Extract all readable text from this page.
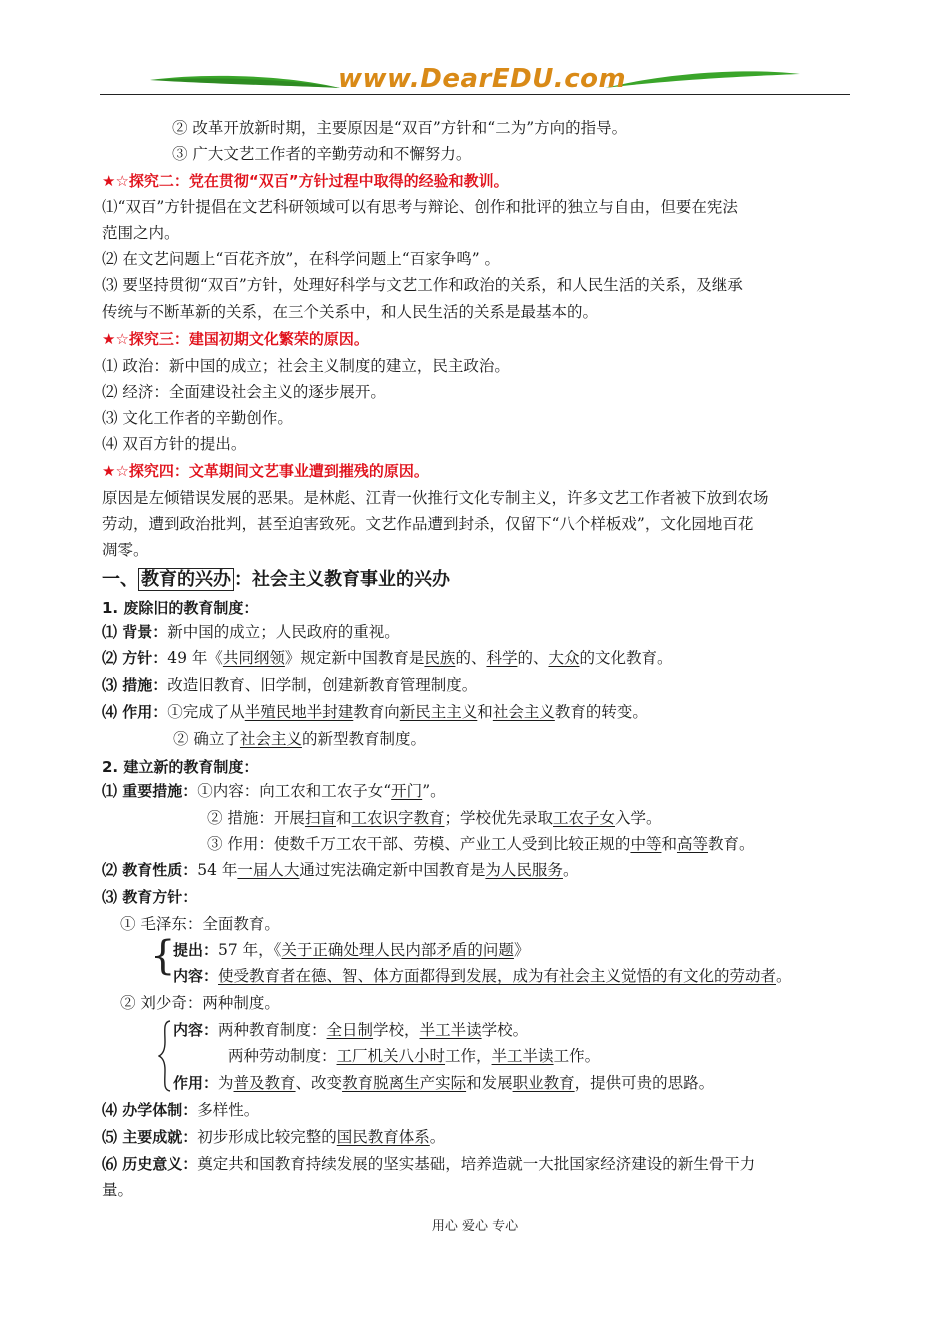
www.DearEDU.com
② 改革开放新时期，主要原因是“双百”方针和“二为”方向的指导。
③ 广大文艺工作者的辛勤劳动和不懈努力。
★☆探究二：党在贯彻“双百”方针过程中取得的经验和教训。
⑴“双百”方针提倡在文艺科研领域可以有思考与辩论、创作和批评的独立与自由，但要在宪法
范围之内。
⑵ 在文艺问题上“百花齐放”，在科学问题上“百家争鸣” 。
⑶ 要坚持贯彻“双百”方针，处理好科学与文艺工作和政治的关系，和人民生活的关系，及继承
传统与不断革新的关系，在三个关系中，和人民生活的关系是最基本的。
★☆探究三：建国初期文化繁荣的原因。
⑴ 政治：新中国的成立；社会主义制度的建立，民主政治。
⑵ 经济：全面建设社会主义的逐步展开。
⑶ 文化工作者的辛勤创作。
⑷ 双百方针的提出。
★☆探究四：文革期间文艺事业遭到摧残的原因。
原因是左倾错误发展的恶果。是林彪、江青一伙推行文化专制主义，许多文艺工作者被下放到农场
劳动，遭到政治批判，甚至迫害致死。文艺作品遭到封杀，仅留下“八个样板戏”，文化园地百花
凋零。
一、 教育的兴办 ：社会主义教育事业的兴办
1. 废除旧的教育制度：
⑴ 背景：新中国的成立；人民政府的重视。
⑵ 方针：49 年《共同纲领》规定新中国教育是民族的、科学的、大众的文化教育。
⑶ 措施：改造旧教育、旧学制，创建新教育管理制度。
⑷ 作用：①完成了从半殖民地半封建教育向新民主主义和社会主义教育的转变。
② 确立了社会主义的新型教育制度。
2. 建立新的教育制度：
⑴ 重要措施：①内容：向工农和工农子女“开门”。
② 措施：开展扫盲和工农识字教育；学校优先录取工农子女入学。
③ 作用：使数千万工农干部、劳模、产业工人受到比较正规的中等和高等教育。
⑵ 教育性质：54 年一届人大通过宪法确定新中国教育是为人民服务。
⑶ 教育方针：
① 毛泽东：全面教育。
{
提出：57 年，《关于正确处理人民内部矛盾的问题》
内容：使受教育者在德、智、体方面都得到发展，成为有社会主义觉悟的有文化的劳动者。
② 刘少奇：两种制度。
内容：两种教育制度：全日制学校，半工半读学校。
两种劳动制度：工厂机关八小时工作，半工半读工作。
作用：为普及教育、改变教育脱离生产实际和发展职业教育，提供可贵的思路。
⑷ 办学体制：多样性。
⑸ 主要成就：初步形成比较完整的国民教育体系。
⑹ 历史意义：奠定共和国教育持续发展的坚实基础，培养造就一大批国家经济建设的新生骨干力
量。
用心 爱心 专心
